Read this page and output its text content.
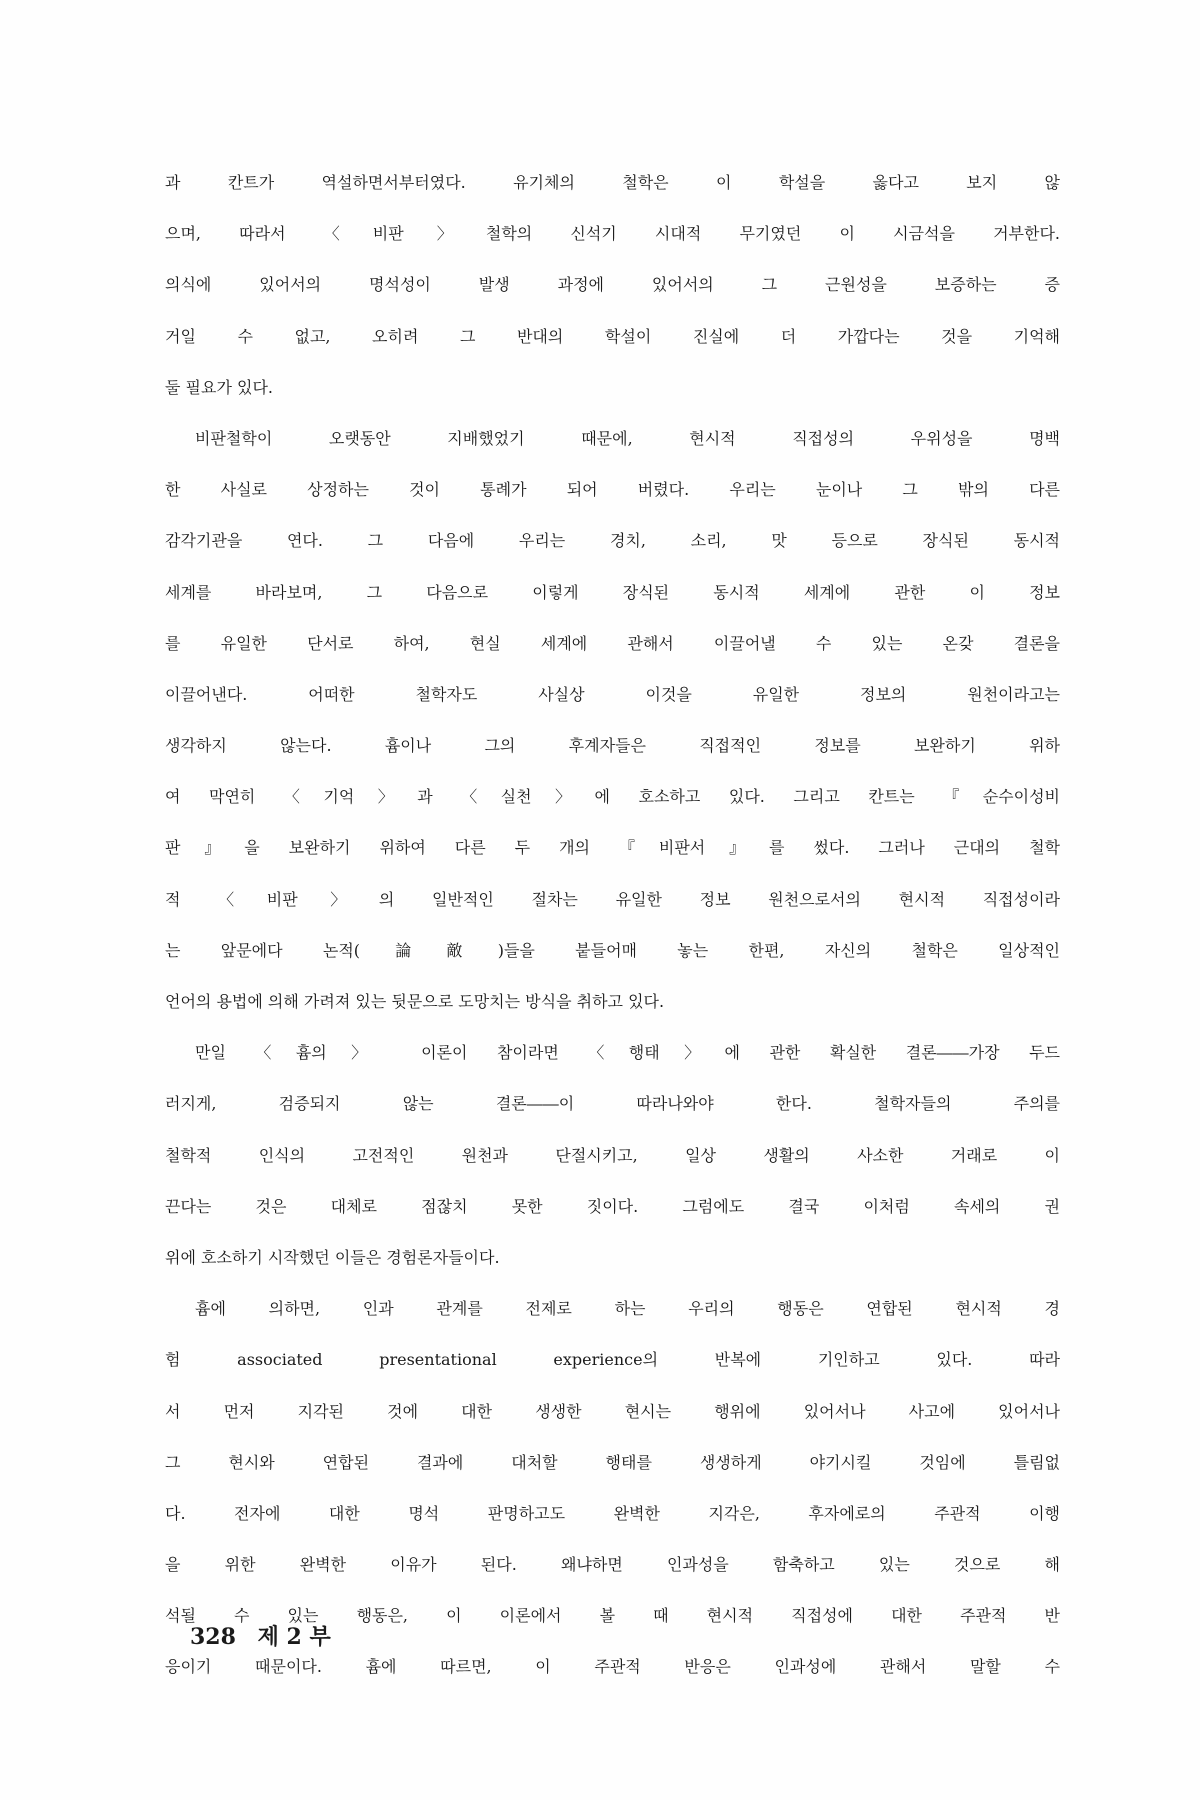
과 칸트가 역설하면서부터였다. 유기체의 철학은 이 학설을 옳다고 보지 않
으며, 따라서 〈비판〉철학의 신석기 시대적 무기였던 이 시금석을 거부한다.
의식에 있어서의 명석성이 발생 과정에 있어서의 그 근원성을 보증하는 증
거일 수 없고, 오히려 그 반대의 학설이 진실에 더 가깝다는 것을 기억해
둘 필요가 있다.
비판철학이 오랫동안 지배했었기 때문에, 현시적 직접성의 우위성을 명백
한 사실로 상정하는 것이 통례가 되어 버렸다. 우리는 눈이나 그 밖의 다른
감각기관을 연다. 그 다음에 우리는 경치, 소리, 맛 등으로 장식된 동시적
세계를 바라보며, 그 다음으로 이렇게 장식된 동시적 세계에 관한 이 정보
를 유일한 단서로 하여, 현실 세계에 관해서 이끌어낼 수 있는 온갖 결론을
이끌어낸다. 어떠한 철학자도 사실상 이것을 유일한 정보의 원천이라고는
생각하지 않는다. 흄이나 그의 후계자들은 직접적인 정보를 보완하기 위하
여 막연히 〈기억〉과 〈실천〉에 호소하고 있다. 그리고 칸트는 『순수이성비
판』을 보완하기 위하여 다른 두 개의 『비판서』를 썼다. 그러나 근대의 철학
적 〈비판〉의 일반적인 절차는 유일한 정보 원천으로서의 현시적 직접성이라
는 앞문에다 논적(論敵)들을 붙들어매 놓는 한편, 자신의 철학은 일상적인
언어의 용법에 의해 가려져 있는 뒷문으로 도망치는 방식을 취하고 있다.
만일 〈흄의〉 이론이 참이라면 〈행태〉에 관한 확실한 결론――가장 두드
러지게, 검증되지 않는 결론――이 따라나와야 한다. 철학자들의 주의를
철학적 인식의 고전적인 원천과 단절시키고, 일상 생활의 사소한 거래로 이
끈다는 것은 대체로 점잖치 못한 짓이다. 그럼에도 결국 이처럼 속세의 권
위에 호소하기 시작했던 이들은 경험론자들이다.
흄에 의하면, 인과 관계를 전제로 하는 우리의 행동은 연합된 현시적 경
험 associated presentational experience의 반복에 기인하고 있다. 따라
서 먼저 지각된 것에 대한 생생한 현시는 행위에 있어서나 사고에 있어서나
그 현시와 연합된 결과에 대처할 행태를 생생하게 야기시킬 것임에 틀림없
다. 전자에 대한 명석 판명하고도 완벽한 지각은, 후자에로의 주관적 이행
을 위한 완벽한 이유가 된다. 왜냐하면 인과성을 함축하고 있는 것으로 해
석될 수 있는 행동은, 이 이론에서 볼 때 현시적 직접성에 대한 주관적 반
응이기 때문이다. 흄에 따르면, 이 주관적 반응은 인과성에 관해서 말할 수
328 제 2 부
